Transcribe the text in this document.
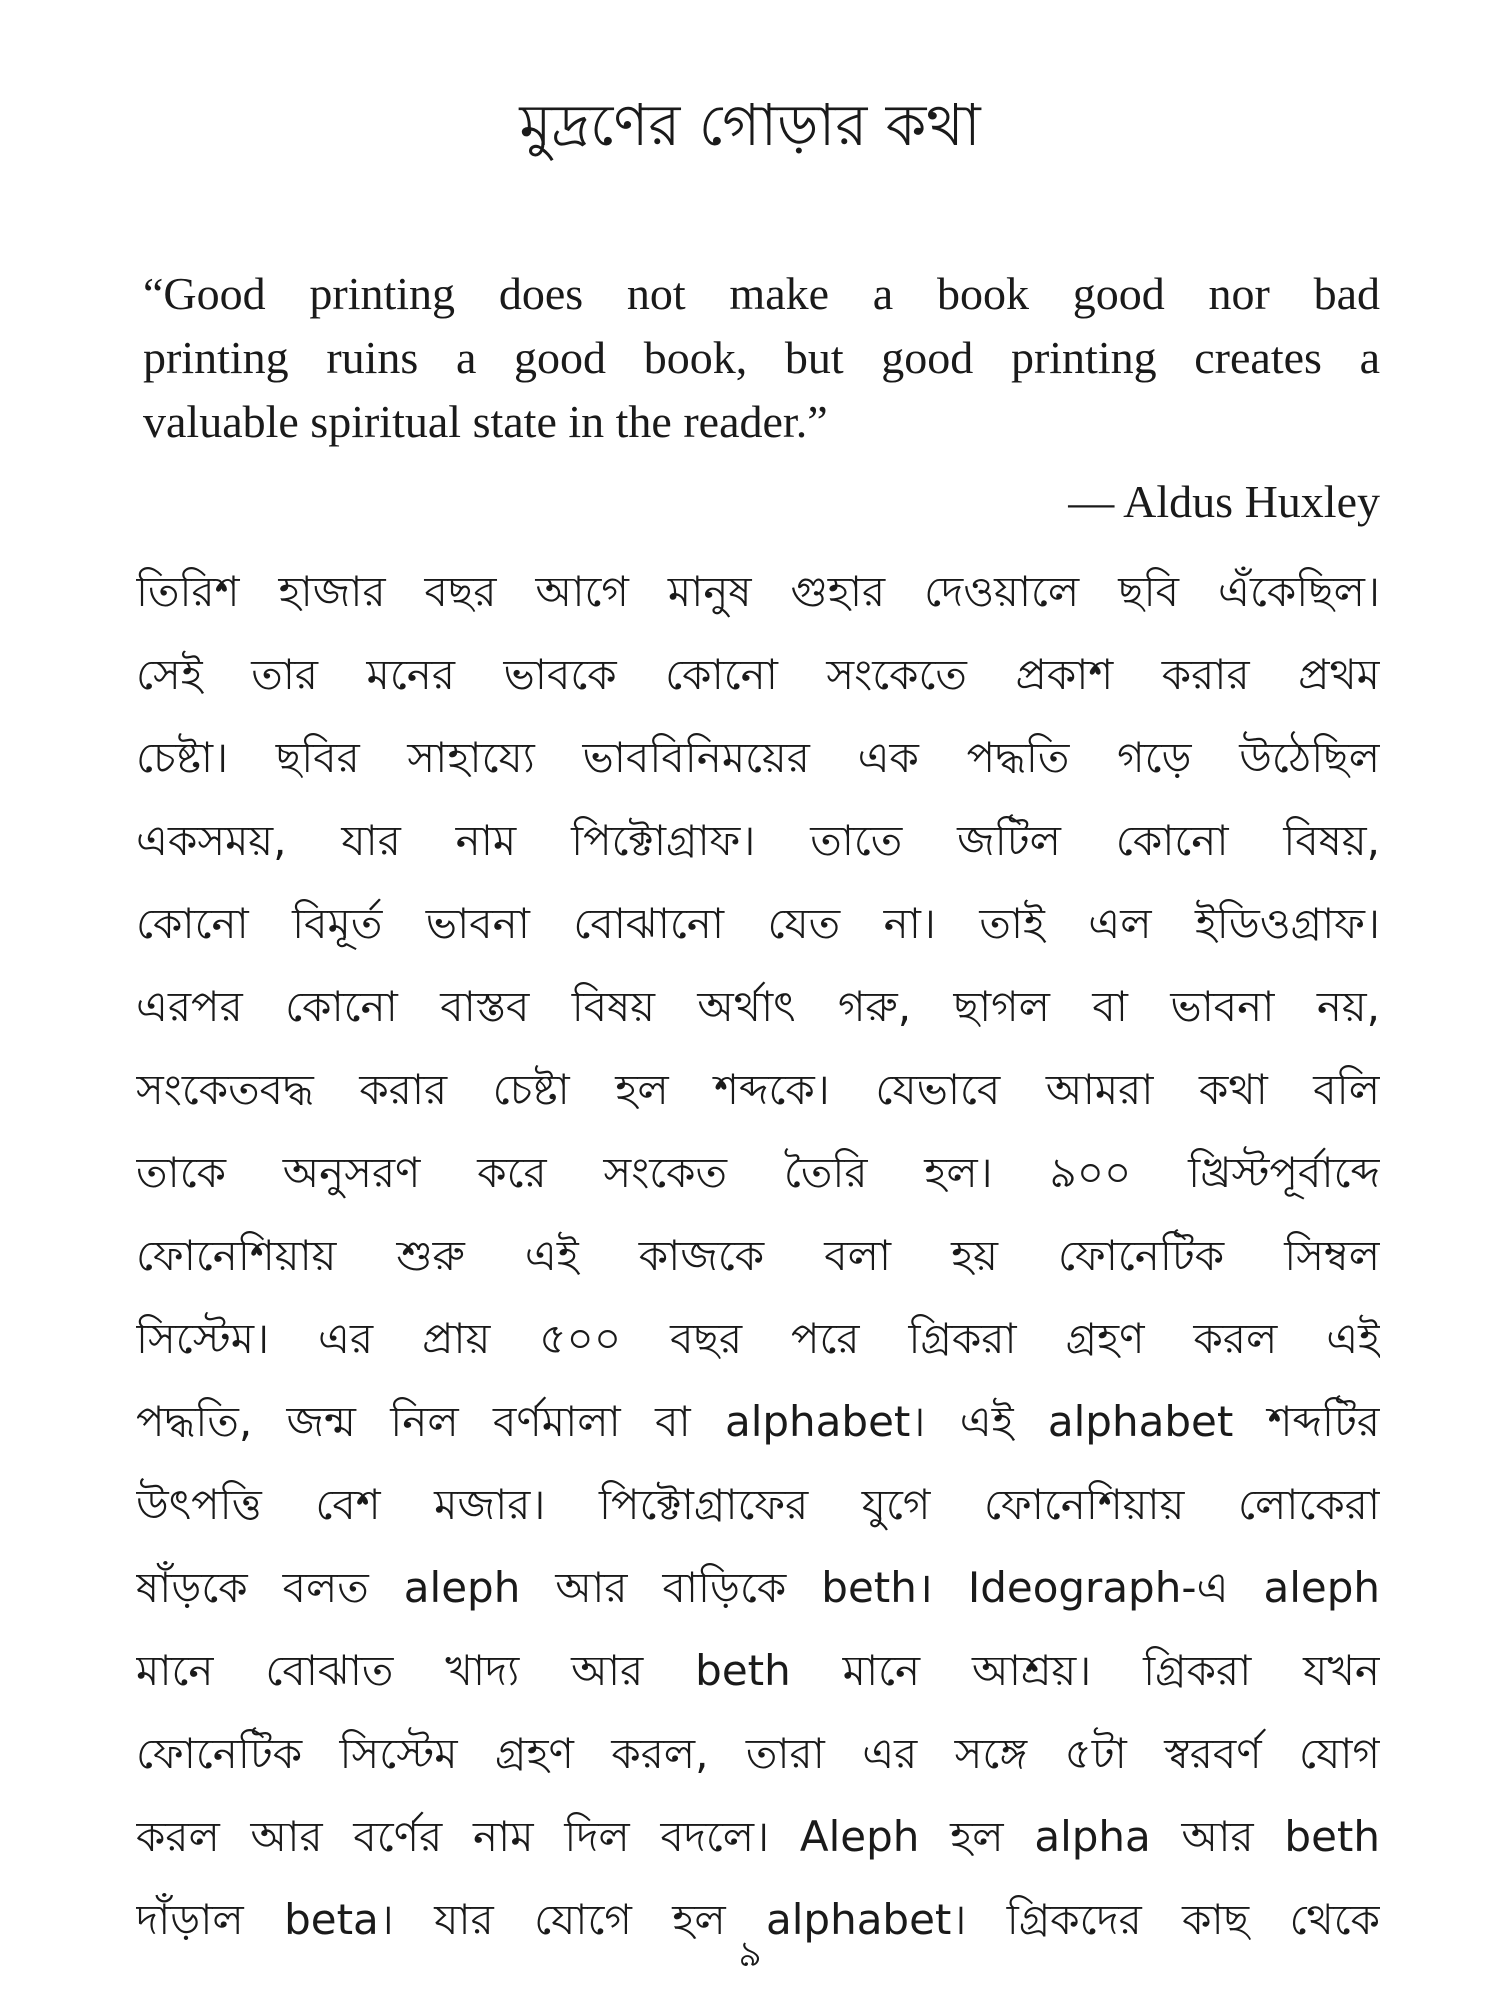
মুদ্রণের গোড়ার কথা
“Good printing does not make a book good nor bad
printing ruins a good book, but good printing creates a
valuable spiritual state in the reader.”

— Aldus Huxley

তিরিশ হাজার বছর আগে মানুষ গুহার দেওয়ালে ছবি এঁকেছিল।
সেই তার মনের ভাবকে কোনো সংকেতে প্রকাশ করার প্রথম
চেষ্টা। ছবির সাহায্যে ভাববিনিময়ের এক পদ্ধতি গড়ে উঠেছিল
একসময়, যার নাম পিক্টোগ্রাফ। তাতে জটিল কোনো বিষয়,
কোনো বিমূর্ত ভাবনা বোঝানো যেত না। তাই এল ইডিওগ্রাফ।
এরপর কোনো বাস্তব বিষয় অর্থাৎ গরু, ছাগল বা ভাবনা নয়,
সংকেতবদ্ধ করার চেষ্টা হল শব্দকে। যেভাবে আমরা কথা বলি
তাকে অনুসরণ করে সংকেত তৈরি হল। ৯০০ খ্রিস্টপূর্বাব্দে
ফোনেশিয়ায় শুরু এই কাজকে বলা হয় ফোনেটিক সিম্বল
সিস্টেম। এর প্রায় ৫০০ বছর পরে গ্রিকরা গ্রহণ করল এই
পদ্ধতি, জন্ম নিল বর্ণমালা বা alphabet। এই alphabet শব্দটির
উৎপত্তি বেশ মজার। পিক্টোগ্রাফের যুগে ফোনেশিয়ায় লোকেরা
ষাঁড়কে বলত aleph আর বাড়িকে beth। Ideograph-এ aleph
মানে বোঝাত খাদ্য আর beth মানে আশ্রয়। গ্রিকরা যখন
ফোনেটিক সিস্টেম গ্রহণ করল, তারা এর সঙ্গে ৫টা স্বরবর্ণ যোগ
করল আর বর্ণের নাম দিল বদলে। Aleph হল alpha আর beth
দাঁড়াল beta। যার যোগে হল alphabet। গ্রিকদের কাছ থেকে
৯
